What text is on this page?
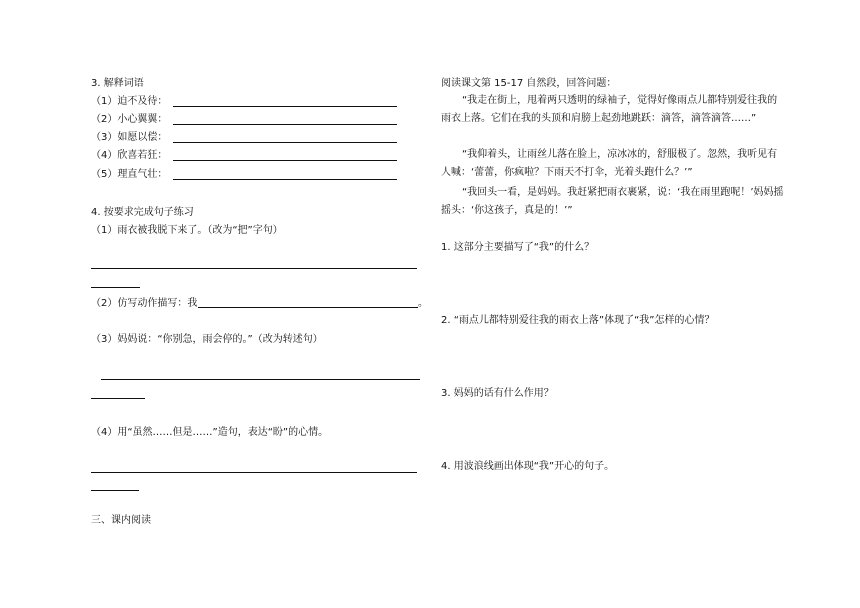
3. 解释词语
（1）迫不及待：
（2）小心翼翼：
（3）如愿以偿：
（4）欣喜若狂：
（5）理直气壮：
4. 按要求完成句子练习
（1）雨衣被我脱下来了。（改为“把”字句）
（2）仿写动作描写：我	。
（3）妈妈说：“你别急，雨会停的。”（改为转述句）
（4）用“虽然……但是……”造句，表达“盼”的心情。
三、课内阅读
阅读课文第 15-17 自然段，回答问题：
“我走在街上，甩着两只透明的绿袖子，觉得好像雨点儿都特别爱往我的雨衣上落。它们在我的头顶和肩膀上起劲地跳跃：滴答，滴答滴答……”
“我仰着头，让雨丝儿落在脸上，凉冰冰的，舒服极了。忽然，我听见有人喊：‘蕾蕾，你疯啦？下雨天不打伞，光着头跑什么？’”
“我回头一看，是妈妈。我赶紧把雨衣裹紧，说：‘我在雨里跑呢！’妈妈摇摇头：‘你这孩子，真是的！’”
1. 这部分主要描写了“我”的什么？
2. “雨点儿都特别爱往我的雨衣上落”体现了“我”怎样的心情？
3. 妈妈的话有什么作用？
4. 用波浪线画出体现“我”开心的句子。
